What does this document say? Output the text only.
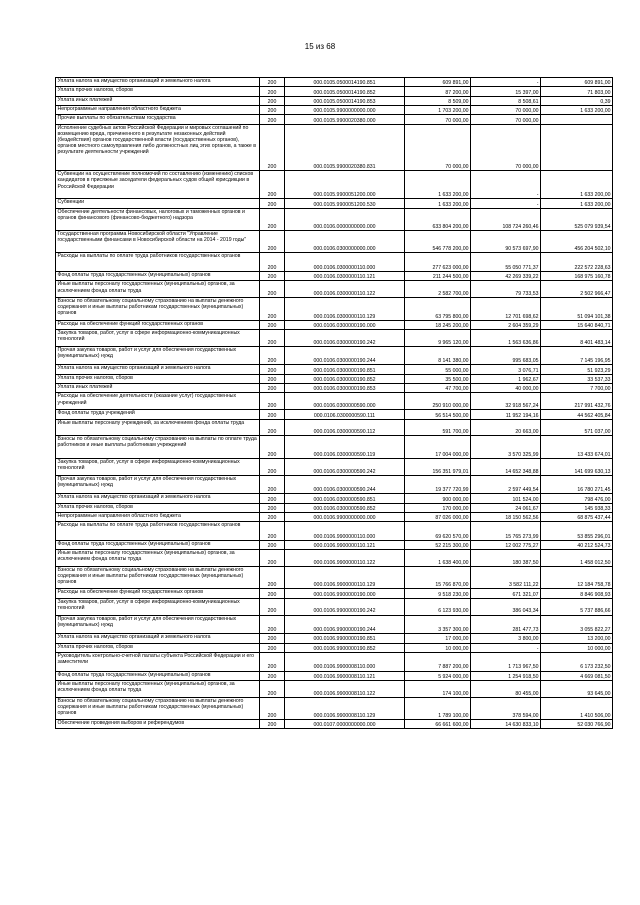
15 из 68
Уплата налога на имущество организаций и земельного налога	200	000.0105.0500014190.851	609 891,00	-	609 891,00
Уплата прочих налогов, сборов	200	000.0105.0500014190.852	87 200,00	15 397,00	71 803,00
Уплата иных платежей	200	000.0105.0500014190.853	8 509,00	8 508,61	0,39
Непрограммные направления областного бюджета	200	000.0105.9900000000.000	1 703 200,00	70 000,00	1 633 200,00
Прочие выплаты по обязательствам государства	200	000.0105.9900020380.000	70 000,00	70 000,00	
Исполнение судебных актов Российской Федерации и мировых соглашений по возмещению вреда, причиненного в результате незаконных действий (бездействия) органов государственной власти (государственных органов), органов местного самоуправления либо должностных лиц этих органов, а также в результате деятельности учреждений	200	000.0105.9900020380.831	70 000,00	70 000,00	
Субвенции на осуществление полномочий по составлению (изменению) списков кандидатов в присяжные заседатели федеральных судов общей юрисдикции в Российской Федерации	200	000.0105.9900051200.000	1 633 200,00	-	1 633 200,00
Субвенции	200	000.0105.9900051200.530	1 633 200,00	-	1 633 200,00
Обеспечение деятельности финансовых, налоговых и таможенных органов и органов финансового (финансово-бюджетного) надзора	200	000.0106.0000000000.000	633 804 200,00	108 724 260,46	525 079 939,54
Государственная программа Новосибирской области "Управление государственными финансами в Новосибирской области на 2014 - 2019 годы"	200	000.0106.0300000000.000	546 778 200,00	90 573 697,90	456 204 502,10
Расходы на выплаты по оплате труда работников государственных органов	200	000.0106.0300000110.000	277 623 000,00	55 050 771,37	222 572 228,63
Фонд оплаты труда государственных (муниципальных) органов	200	000.0106.0300000110.121	211 244 500,00	42 269 339,22	168 975 160,78
Иные выплаты персоналу государственных (муниципальных) органов, за исключением фонда оплаты труда	200	000.0106.0300000110.122	2 582 700,00	79 733,53	2 502 966,47
Взносы по обязательному социальному страхованию на выплаты денежного содержания и иные выплаты работникам государственных (муниципальных) органов	200	000.0106.0300000110.129	63 795 800,00	12 701 698,62	51 094 101,38
Расходы на обеспечение функций государственных органов	200	000.0106.0300000190.000	18 245 200,00	2 604 359,29	15 640 840,71
Закупка товаров, работ, услуг в сфере информационно-коммуникационных технологий	200	000.0106.0300000190.242	9 965 120,00	1 563 636,86	8 401 483,14
Прочая закупка товаров, работ и услуг для обеспечения государственных (муниципальных) нужд	200	000.0106.0300000190.244	8 141 380,00	995 683,05	7 145 196,95
Уплата налога на имущество организаций и земельного налога	200	000.0106.0300000190.851	55 000,00	3 076,71	51 923,29
Уплата прочих налогов, сборов	200	000.0106.0300000190.852	35 500,00	1 962,67	33 537,33
Уплата иных платежей	200	000.0106.0300000190.853	47 700,00	40 000,00	7 700,00
Расходы на обеспечение деятельности (оказание услуг) государственных учреждений	200	000.0106.0300000590.000	250 910 000,00	32 918 567,24	217 991 432,76
Фонд оплаты труда учреждений	200	000.0106.0300000590.111	56 514 500,00	11 952 194,16	44 562 405,84
Иные выплаты персоналу учреждений, за исключением фонда оплаты труда	200	000.0106.0300000590.112	591 700,00	20 663,00	571 037,00
Взносы по обязательному социальному страхованию на выплаты по оплате труда работников и иные выплаты работникам учреждений	200	000.0106.0300000590.119	17 004 000,00	3 570 325,99	13 433 674,01
Закупка товаров, работ, услуг в сфере информационно-коммуникационных технологий	200	000.0106.0300000590.242	156 351 979,01	14 652 348,88	141 699 630,13
Прочая закупка товаров, работ и услуг для обеспечения государственных (муниципальных) нужд	200	000.0106.0300000590.244	19 377 720,99	2 597 449,54	16 780 271,45
Уплата налога на имущество организаций и земельного налога	200	000.0106.0300000590.851	900 000,00	101 524,00	798 476,00
Уплата прочих налогов, сборов	200	000.0106.0300000590.852	170 000,00	24 061,67	145 938,33
Непрограммные направления областного бюджета	200	000.0106.9900000000.000	87 026 000,00	18 150 562,56	68 875 437,44
Расходы на выплаты по оплате труда работников государственных органов	200	000.0106.9900000110.000	69 620 570,00	15 765 273,99	53 855 296,01
Фонд оплаты труда государственных (муниципальных) органов	200	000.0106.9900000110.121	52 215 300,00	12 002 775,27	40 212 524,73
Иные выплаты персоналу государственных (муниципальных) органов, за исключением фонда оплаты труда	200	000.0106.9900000110.122	1 638 400,00	180 387,50	1 458 012,50
Взносы по обязательному социальному страхованию на выплаты денежного содержания и иные выплаты работникам государственных (муниципальных) органов	200	000.0106.9900000110.129	15 766 870,00	3 582 111,22	12 184 758,78
Расходы на обеспечение функций государственных органов	200	000.0106.9900000190.000	9 518 230,00	671 321,07	8 846 908,93
Закупка товаров, работ, услуг в сфере информационно-коммуникационных технологий	200	000.0106.9900000190.242	6 123 930,00	386 043,34	5 737 886,66
Прочая закупка товаров, работ и услуг для обеспечения государственных (муниципальных) нужд	200	000.0106.9900000190.244	3 357 300,00	281 477,73	3 055 822,27
Уплата налога на имущество организаций и земельного налога	200	000.0106.9900000190.851	17 000,00	3 800,00	13 200,00
Уплата прочих налогов, сборов	200	000.0106.9900000190.852	10 000,00	-	10 000,00
Руководитель контрольно-счетной палаты субъекта Российской Федерации и его заместители	200	000.0106.9900008110.000	7 887 200,00	1 713 967,50	6 173 232,50
Фонд оплаты труда государственных (муниципальных) органов	200	000.0106.9900008110.121	5 924 000,00	1 254 918,50	4 669 081,50
Иные выплаты персоналу государственных (муниципальных) органов, за исключением фонда оплаты труда	200	000.0106.9900008110.122	174 100,00	80 455,00	93 645,00
Взносы по обязательному социальному страхованию на выплаты денежного содержания и иные выплаты работникам государственных (муниципальных) органов	200	000.0106.9900008110.129	1 789 100,00	378 594,00	1 410 506,00
Обеспечение проведения выборов и референдумов	200	000.0107.0000000000.000	66 661 600,00	14 630 833,10	52 030 766,90
